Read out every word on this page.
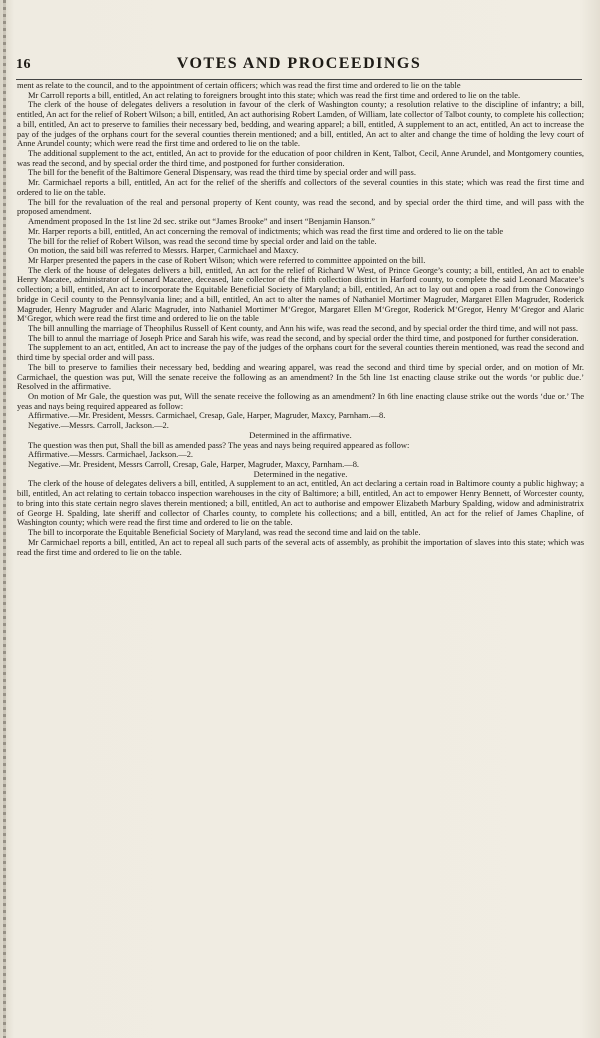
16	VOTES AND PROCEEDINGS

ment as relate to the council, and to the appointment of certain officers; which was read the first time and ordered to lie on the table

Mr Carroll reports a bill, entitled, An act relating to foreigners brought into this state; which was read the first time and ordered to lie on the table.

The clerk of the house of delegates delivers a resolution in favour of the clerk of Washington county; a resolution relative to the discipline of infantry; a bill, entitled, An act for the relief of Robert Wilson; a bill, entitled, An act authorising Robert Lamden, of William, late collector of Talbot county, to complete his collection; a bill, entitled, An act to preserve to families their necessary bed, bedding, and wearing apparel; a bill, entitled, A supplement to an act, entitled, An act to increase the pay of the judges of the orphans court for the several counties therein mentioned; and a bill, entitled, An act to alter and change the time of holding the levy court of Anne Arundel county; which were read the first time and ordered to lie on the table.

The additional supplement to the act, entitled, An act to provide for the education of poor children in Kent, Talbot, Cecil, Anne Arundel, and Montgomery counties, was read the second, and by special order the third time, and postponed for further consideration.

The bill for the benefit of the Baltimore General Dispensary, was read the third time by special order and will pass.

Mr. Carmichael reports a bill, entitled, An act for the relief of the sheriffs and collectors of the several counties in this state; which was read the first time and ordered to lie on the table.

The bill for the revaluation of the real and personal property of Kent county, was read the second, and by special order the third time, and will pass with the proposed amendment.

Amendment proposed In the 1st line 2d sec. strike out “James Brooke” and insert “Benjamin Hanson.”

Mr. Harper reports a bill, entitled, An act concerning the removal of indictments; which was read the first time and ordered to lie on the table

The bill for the relief of Robert Wilson, was read the second time by special order and laid on the table.

On motion, the said bill was referred to Messrs. Harper, Carmichael and Maxcy.

Mr Harper presented the papers in the case of Robert Wilson; which were referred to committee appointed on the bill.

The clerk of the house of delegates delivers a bill, entitled, An act for the relief of Richard W West, of Prince George’s county; a bill, entitled, An act to enable Henry Macatee, administrator of Leonard Macatee, deceased, late collector of the fifth collection district in Harford county, to complete the said Leonard Macatee’s collection; a bill, entitled, An act to incorporate the Equitable Beneficial Society of Maryland; a bill, entitled, An act to lay out and open a road from the Conowingo bridge in Cecil county to the Pennsylvania line; and a bill, entitled, An act to alter the names of Nathaniel Mortimer Magruder, Margaret Ellen Magruder, Roderick Magruder, Henry Magruder and Alaric Magruder, into Nathaniel Mortimer M‘Gregor, Margaret Ellen M‘Gregor, Roderick M‘Gregor, Henry M‘Gregor and Alaric M‘Gregor, which were read the first time and ordered to lie on the table

The bill annulling the marriage of Theophilus Russell of Kent county, and Ann his wife, was read the second, and by special order the third time, and will not pass.

The bill to annul the marriage of Joseph Price and Sarah his wife, was read the second, and by special order the third time, and postponed for further consideration.

The supplement to an act, entitled, An act to increase the pay of the judges of the orphans court for the several counties therein mentioned, was read the second and third time by special order and will pass.

The bill to preserve to families their necessary bed, bedding and wearing apparel, was read the second and third time by special order, and on motion of Mr. Carmichael, the question was put, Will the senate receive the following as an amendment? In the 5th line 1st enacting clause strike out the words ‘or public due.’ Resolved in the affirmative.

On motion of Mr Gale, the question was put, Will the senate receive the following as an amendment? In 6th line enacting clause strike out the words ‘due or.’ The yeas and nays being required appeared as follow:

Affirmative.—Mr. President, Messrs. Carmichael, Cresap, Gale, Harper, Magruder, Maxcy, Parnham.—8.

Negative.—Messrs. Carroll, Jackson.—2.

Determined in the affirmative.

The question was then put, Shall the bill as amended pass? The yeas and nays being required appeared as follow:

Affirmative.—Messrs. Carmichael, Jackson.—2.

Negative.—Mr. President, Messrs Carroll, Cresap, Gale, Harper, Magruder, Maxcy, Parnham.—8.

Determined in the negative.

The clerk of the house of delegates delivers a bill, entitled, A supplement to an act, entitled, An act declaring a certain road in Baltimore county a public highway; a bill, entitled, An act relating to certain tobacco inspection warehouses in the city of Baltimore; a bill, entitled, An act to empower Henry Bennett, of Worcester county, to bring into this state certain negro slaves therein mentioned; a bill, entitled, An act to authorise and empower Elizabeth Marbury Spalding, widow and administratrix of George H. Spalding, late sheriff and collector of Charles county, to complete his collections; and a bill, entitled, An act for the relief of James Chapline, of Washington county; which were read the first time and ordered to lie on the table.

The bill to incorporate the Equitable Beneficial Society of Maryland, was read the second time and laid on the table.

Mr Carmichael reports a bill, entitled, An act to repeal all such parts of the several acts of assembly, as prohibit the importation of slaves into this state; which was read the first time and ordered to lie on the table.
